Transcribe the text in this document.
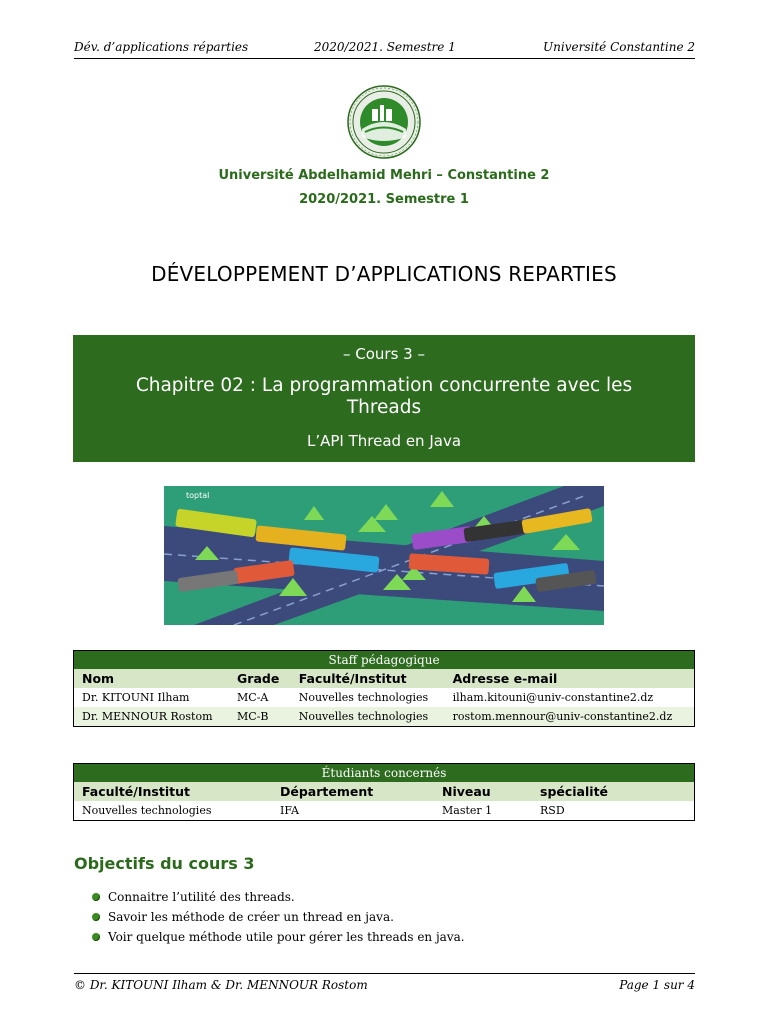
Dév. d’applications réparties	2020/2021. Semestre 1	Université Constantine 2
Université Abdelhamid Mehri – Constantine 2
2020/2021. Semestre 1
DÉVELOPPEMENT D’APPLICATIONS REPARTIES
– Cours 3 –
Chapitre 02 : La programmation concurrente avec les Threads
L’API Thread en Java
toptal
Staff pédagogique			
Nom	Grade	Faculté/Institut	Adresse e-mail
Dr. KITOUNI Ilham	MC-A	Nouvelles technologies	ilham.kitouni@univ-constantine2.dz
Dr. MENNOUR Rostom	MC-B	Nouvelles technologies	rostom.mennour@univ-constantine2.dz
Étudiants concernés			
Faculté/Institut	Département	Niveau	spécialité
Nouvelles technologies	IFA	Master 1	RSD
Objectifs du cours 3
Connaitre l’utilité des threads.
Savoir les méthode de créer un thread en java.
Voir quelque méthode utile pour gérer les threads en java.
© Dr. KITOUNI Ilham & Dr. MENNOUR Rostom	Page 1 sur 4
